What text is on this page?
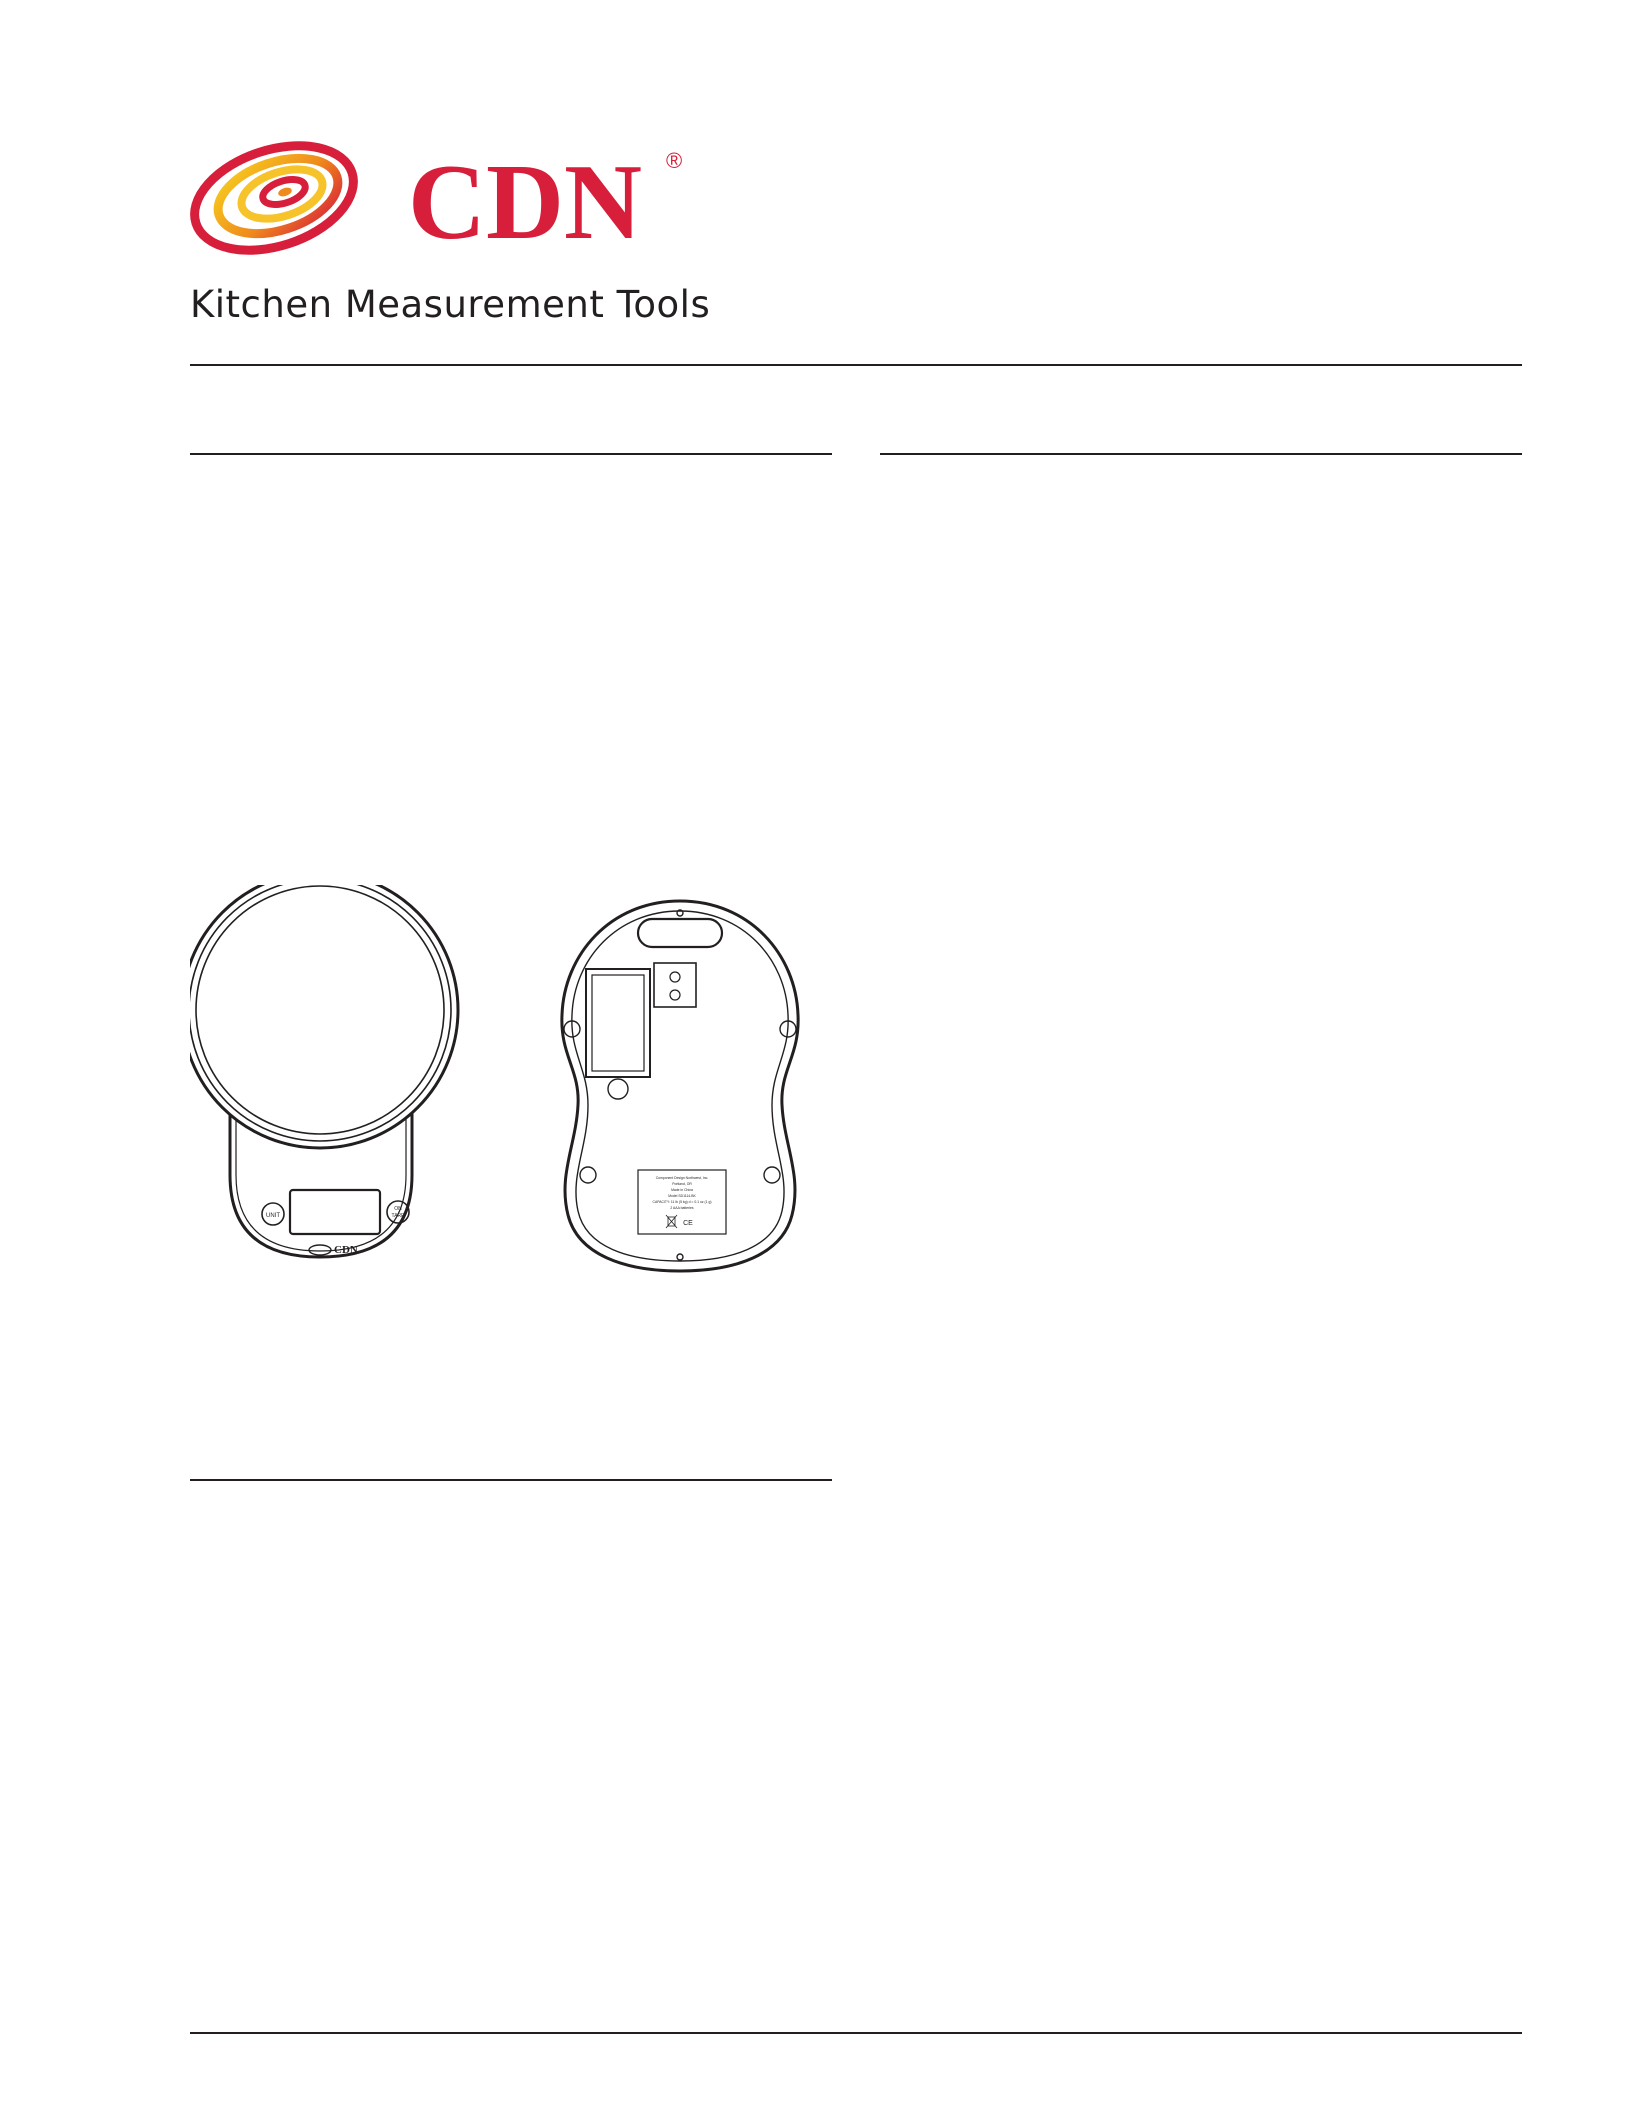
CDN ®
Kitchen Measurement Tools
UNIT
ON
TARE
CDN
Component Design Northwest, Inc.
Portland, OR
Made in China
Model SD1114-BK
CAPACITY: 11 lb (5 kg) d = 0.1 oz (1 g)
2 AAA batteries
CE
